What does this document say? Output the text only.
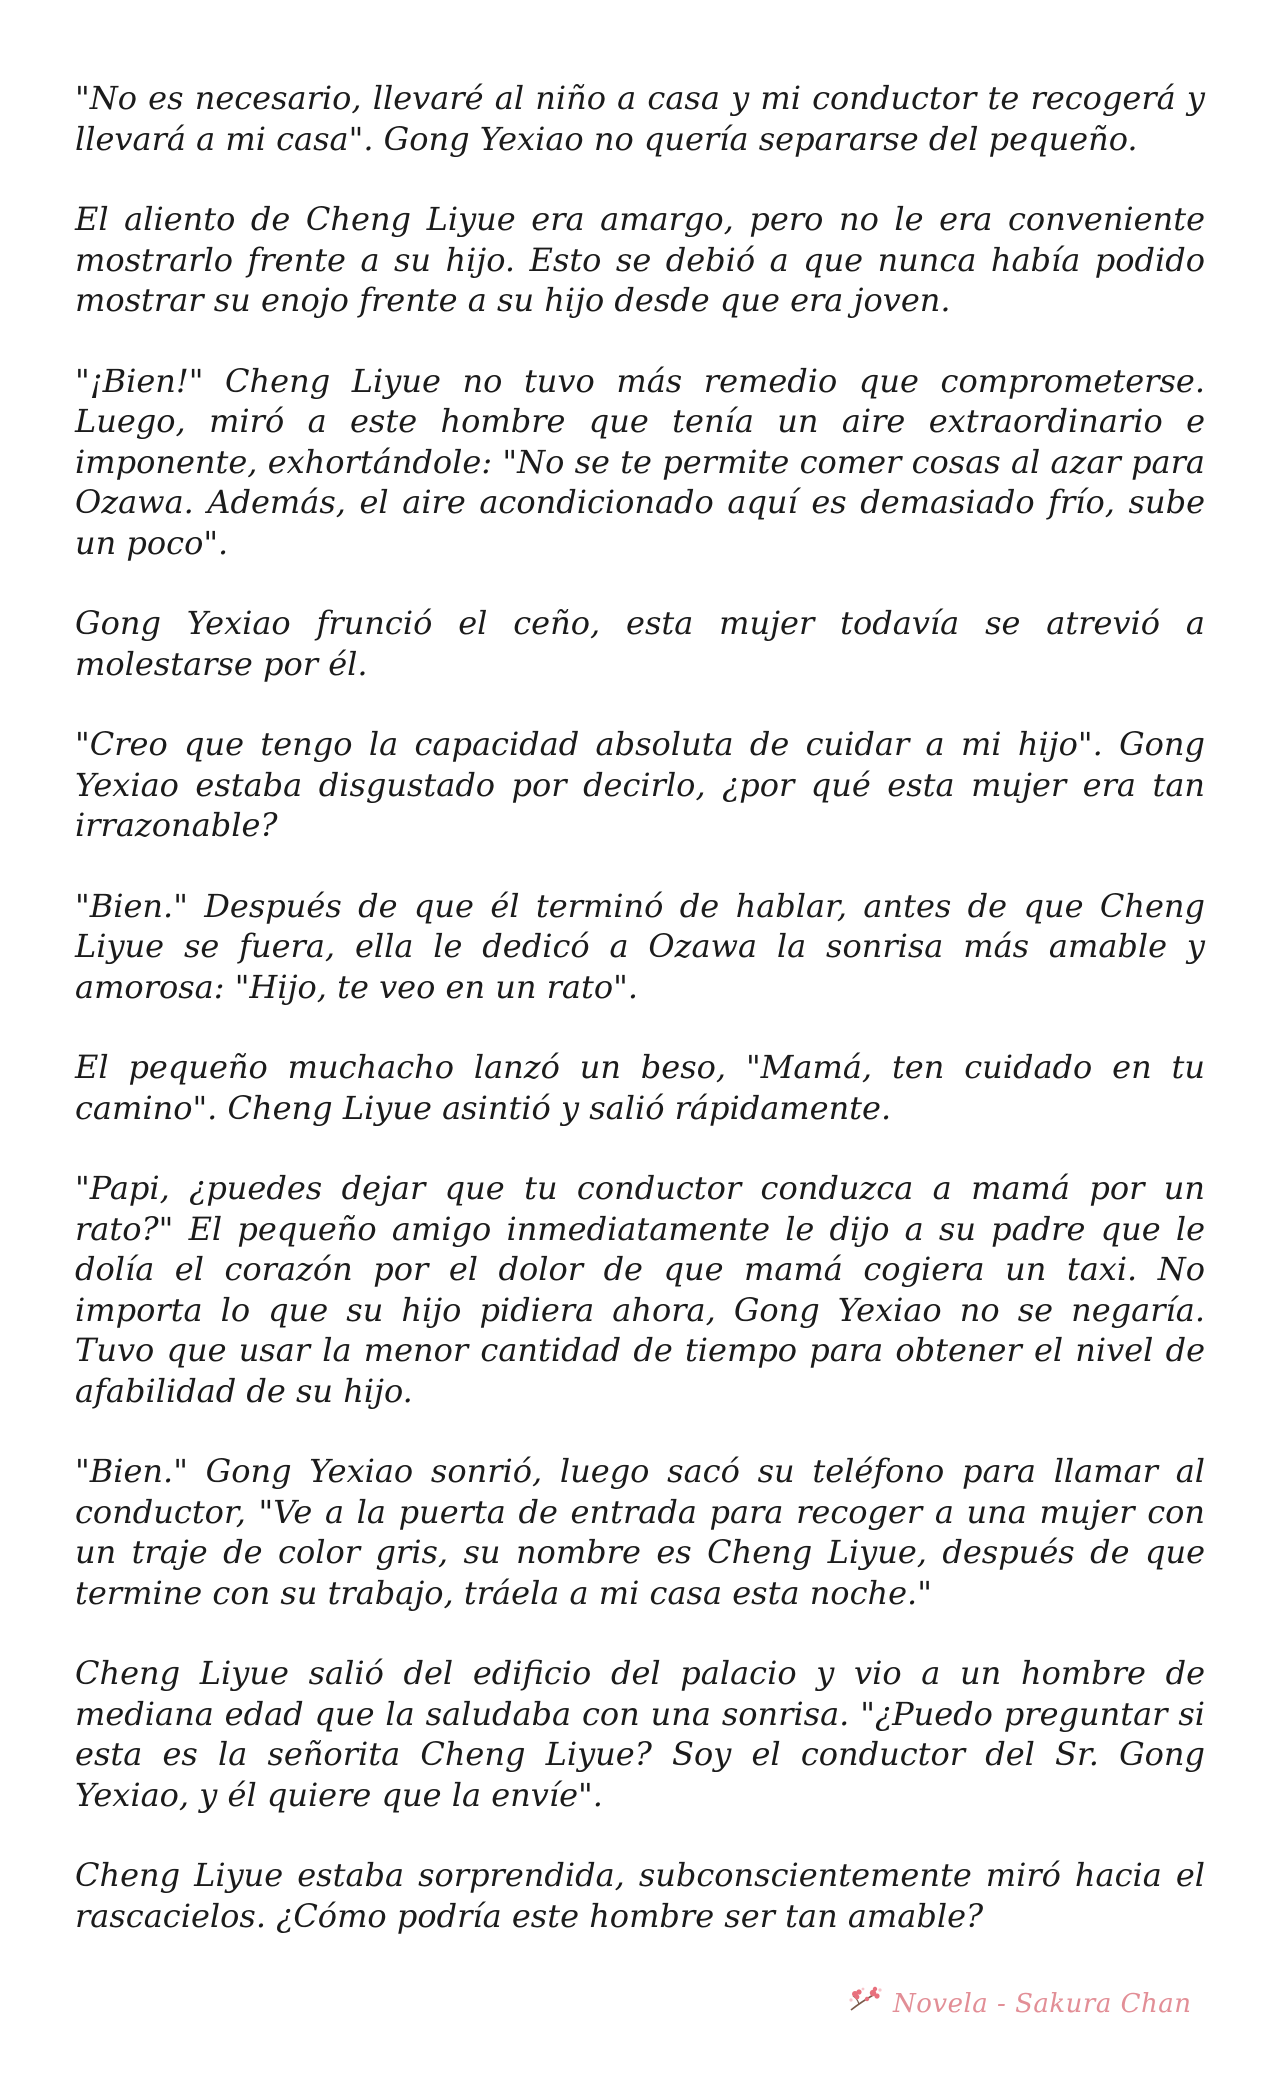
"No es necesario, llevaré al niño a casa y mi conductor te recogerá y llevará a mi casa". Gong Yexiao no quería separarse del pequeño.

El aliento de Cheng Liyue era amargo, pero no le era conveniente mostrarlo frente a su hijo. Esto se debió a que nunca había podido mostrar su enojo frente a su hijo desde que era joven.

"¡Bien!" Cheng Liyue no tuvo más remedio que comprometerse. Luego, miró a este hombre que tenía un aire extraordinario e imponente, exhortándole: "No se te permite comer cosas al azar para Ozawa. Además, el aire acondicionado aquí es demasiado frío, sube un poco".

Gong Yexiao frunció el ceño, esta mujer todavía se atrevió a molestarse por él.

"Creo que tengo la capacidad absoluta de cuidar a mi hijo". Gong Yexiao estaba disgustado por decirlo, ¿por qué esta mujer era tan irrazonable?

"Bien." Después de que él terminó de hablar, antes de que Cheng Liyue se fuera, ella le dedicó a Ozawa la sonrisa más amable y amorosa: "Hijo, te veo en un rato".

El pequeño muchacho lanzó un beso, "Mamá, ten cuidado en tu camino". Cheng Liyue asintió y salió rápidamente.

"Papi, ¿puedes dejar que tu conductor conduzca a mamá por un rato?" El pequeño amigo inmediatamente le dijo a su padre que le dolía el corazón por el dolor de que mamá cogiera un taxi. No importa lo que su hijo pidiera ahora, Gong Yexiao no se negaría. Tuvo que usar la menor cantidad de tiempo para obtener el nivel de afabilidad de su hijo.

"Bien." Gong Yexiao sonrió, luego sacó su teléfono para llamar al conductor, "Ve a la puerta de entrada para recoger a una mujer con un traje de color gris, su nombre es Cheng Liyue, después de que termine con su trabajo, tráela a mi casa esta noche."

Cheng Liyue salió del edificio del palacio y vio a un hombre de mediana edad que la saludaba con una sonrisa. "¿Puedo preguntar si esta es la señorita Cheng Liyue? Soy el conductor del Sr. Gong Yexiao, y él quiere que la envíe".

Cheng Liyue estaba sorprendida, subconscientemente miró hacia el rascacielos. ¿Cómo podría este hombre ser tan amable?

Novela - Sakura Chan
